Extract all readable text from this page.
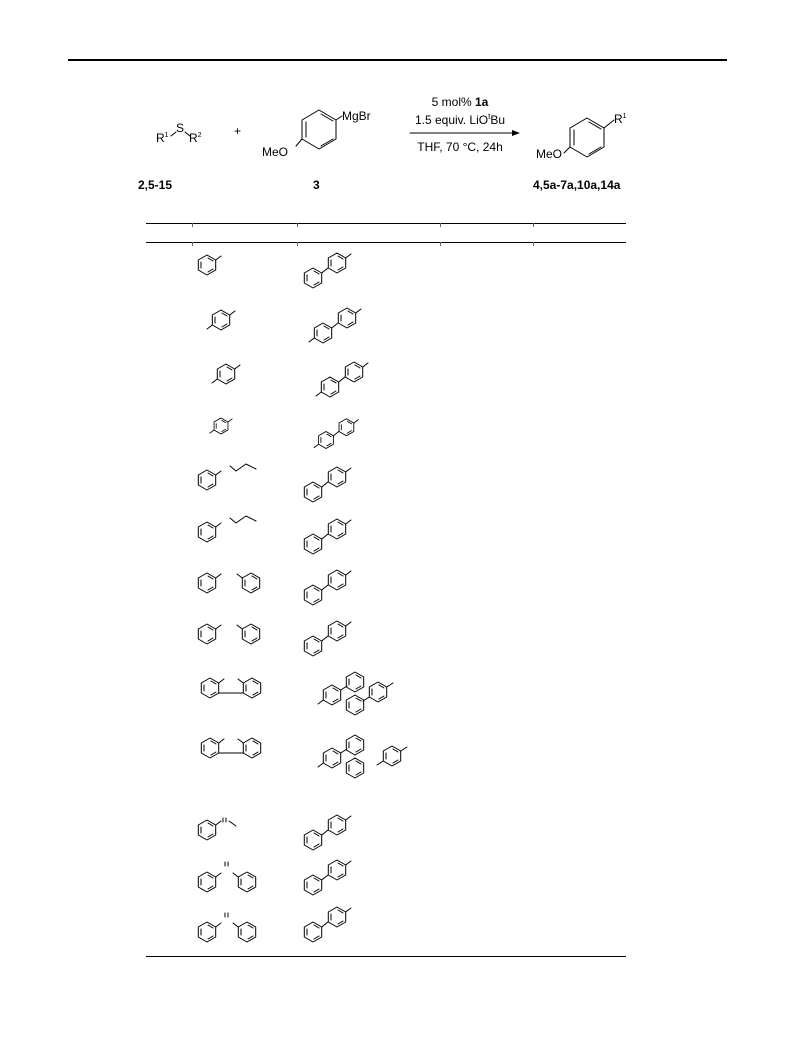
$R^1$
S
$R^2$	+
MgBr
MeO
5 mol% 1a
1.5 equiv. LiO$^t$Bu
THF, 70 °C, 24h
$R^1$
MeO
2,5-15	3	4,5a-7a,10a,14a
